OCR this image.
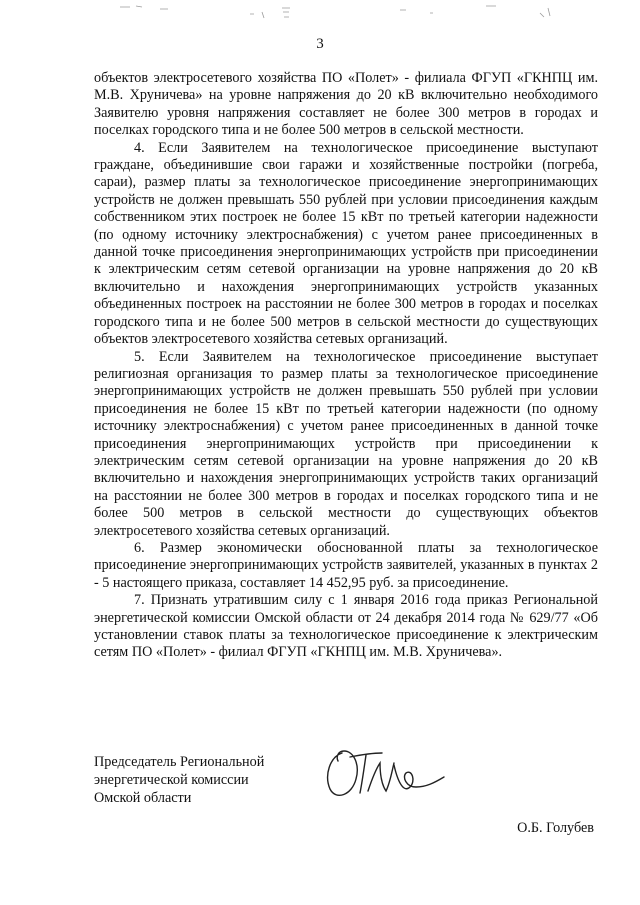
3

объектов электросетевого хозяйства ПО «Полет» - филиала ФГУП «ГКНПЦ им. М.В. Хруничева» на уровне напряжения до 20 кВ включительно необходимого Заявителю уровня напряжения составляет не более 300 метров в городах и поселках городского типа и не более 500 метров в сельской местности.

4. Если Заявителем на технологическое присоединение выступают граждане, объединившие свои гаражи и хозяйственные постройки (погреба, сараи), размер платы за технологическое присоединение энергопринимающих устройств не должен превышать 550 рублей при условии присоединения каждым собственником этих построек не более 15 кВт по третьей категории надежности (по одному источнику электроснабжения) с учетом ранее присоединенных в данной точке присоединения энергопринимающих устройств при присоединении к электрическим сетям сетевой организации на уровне напряжения до 20 кВ включительно и нахождения энергопринимающих устройств указанных объединенных построек на расстоянии не более 300 метров в городах и поселках городского типа и не более 500 метров в сельской местности до существующих объектов электросетевого хозяйства сетевых организаций.

5. Если Заявителем на технологическое присоединение выступает религиозная организация то размер платы за технологическое присоединение энергопринимающих устройств не должен превышать 550 рублей при условии присоединения не более 15 кВт по третьей категории надежности (по одному источнику электроснабжения) с учетом ранее присоединенных в данной точке присоединения энергопринимающих устройств при присоединении к электрическим сетям сетевой организации на уровне напряжения до 20 кВ включительно и нахождения энергопринимающих устройств таких организаций на расстоянии не более 300 метров в городах и поселках городского типа и не более 500 метров в сельской местности до существующих объектов электросетевого хозяйства сетевых организаций.

6. Размер экономически обоснованной платы за технологическое присоединение энергопринимающих устройств заявителей, указанных в пунктах 2 - 5 настоящего приказа, составляет 14 452,95 руб. за присоединение.

7. Признать утратившим силу с 1 января 2016 года приказ Региональной энергетической комиссии Омской области от 24 декабря 2014 года № 629/77 «Об установлении ставок платы за технологическое присоединение к электрическим сетям ПО «Полет» - филиал ФГУП «ГКНПЦ им. М.В. Хруничева».

Председатель Региональной
энергетической комиссии
Омской области
О.Б. Голубев
